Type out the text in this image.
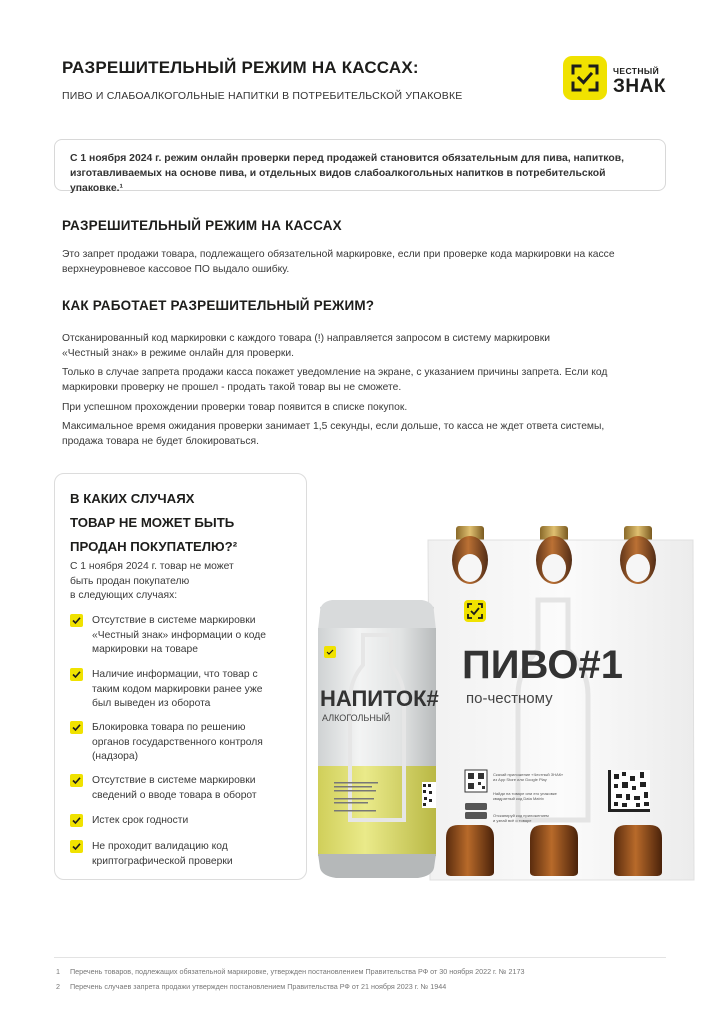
РАЗРЕШИТЕЛЬНЫЙ РЕЖИМ НА КАССАХ:
ПИВО И СЛАБОАЛКОГОЛЬНЫЕ НАПИТКИ В ПОТРЕБИТЕЛЬСКОЙ УПАКОВКЕ
ЧЕСТНЫЙ
ЗНАК
С 1 ноября 2024 г. режим онлайн проверки перед продажей становится обязательным для пива, напитков,
изготавливаемых на основе пива, и отдельных видов слабоалкогольных напитков в потребительской упаковке.¹
РАЗРЕШИТЕЛЬНЫЙ РЕЖИМ НА КАССАХ
Это запрет продажи товара, подлежащего обязательной маркировке, если при проверке кода маркировки на кассе
верхнеуровневое кассовое ПО выдало ошибку.
КАК РАБОТАЕТ РАЗРЕШИТЕЛЬНЫЙ РЕЖИМ?
Отсканированный код маркировки с каждого товара (!) направляется запросом в систему маркировки
«Честный знак» в режиме онлайн для проверки.
Только в случае запрета продажи касса покажет уведомление на экране, с указанием причины запрета. Если код
маркировки проверку не прошел - продать такой товар вы не сможете.
При успешном прохождении проверки товар появится в списке покупок.
Максимальное время ожидания проверки занимает 1,5 секунды, если дольше, то касса не ждет ответа системы,
продажа товара не будет блокироваться.
В КАКИХ СЛУЧАЯХ
ТОВАР НЕ МОЖЕТ БЫТЬ
ПРОДАН ПОКУПАТЕЛЮ?²
С 1 ноября 2024 г. товар не может
быть продан покупателю
в следующих случаях:
Отсутствие в системе маркировки
«Честный знак» информации о коде
маркировки на товаре
Наличие информации, что товар с
таким кодом маркировки ранее уже
был выведен из оборота
Блокировка товара по решению
органов государственного контроля
(надзора)
Отсутствие в системе маркировки
сведений о вводе товара в оборот
Истек срок годности
Не проходит валидацию код
криптографической проверки
ПИВО#1
по-честному
Скачай приложение «Честный ЗНАК»
из App Store или Google Play
Найди на товаре или его упаковке
квадратный код Data Matrix
Отсканируй код приложением
и узнай всё о товаре
НАПИТОК#
АЛКОГОЛЬНЫЙ
1 Перечень товаров, подлежащих обязательной маркировке, утвержден постановлением Правительства РФ от 30 ноября 2022 г. № 2173
2 Перечень случаев запрета продажи утвержден постановлением Правительства РФ от 21 ноября 2023 г. № 1944
